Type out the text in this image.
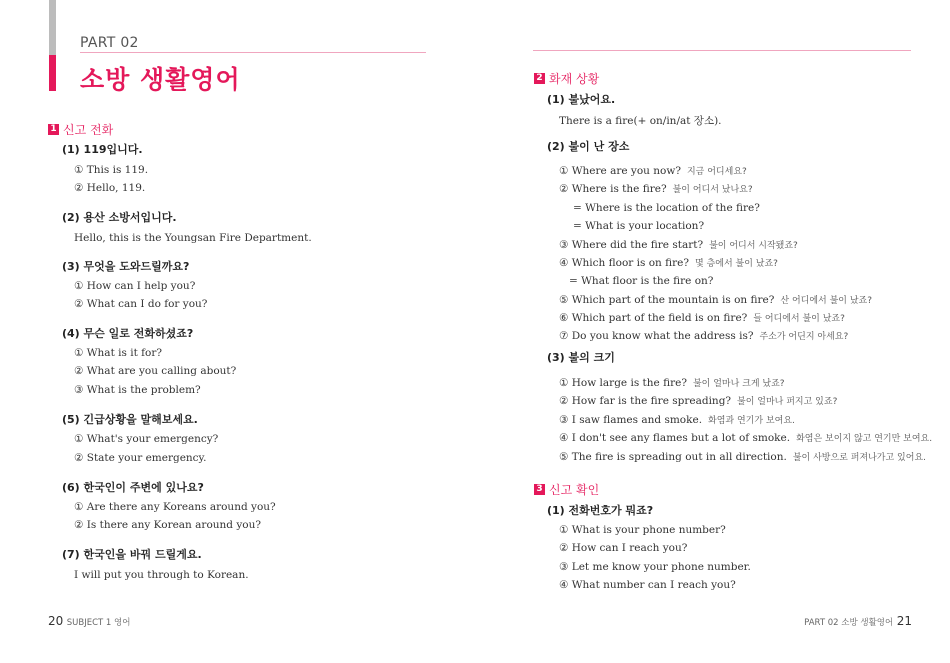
PART 02
소방 생활영어
1 신고 전화
(1) 119입니다.
① This is 119.
② Hello, 119.
(2) 용산 소방서입니다.
Hello, this is the Youngsan Fire Department.
(3) 무엇을 도와드릴까요?
① How can I help you?
② What can I do for you?
(4) 무슨 일로 전화하셨죠?
① What is it for?
② What are you calling about?
③ What is the problem?
(5) 긴급상황을 말해보세요.
① What's your emergency?
② State your emergency.
(6) 한국인이 주변에 있나요?
① Are there any Koreans around you?
② Is there any Korean around you?
(7) 한국인을 바꿔 드릴게요.
I will put you through to Korean.
20 SUBJECT 1 영어
2 화재 상황
(1) 불났어요.
There is a fire(+ on/in/at 장소).
(2) 불이 난 장소
① Where are you now? 지금 어디세요?
② Where is the fire? 불이 어디서 났나요?
= Where is the location of the fire?
= What is your location?
③ Where did the fire start? 불이 어디서 시작됐죠?
④ Which floor is on fire? 몇 층에서 불이 났죠?
= What floor is the fire on?
⑤ Which part of the mountain is on fire? 산 어디에서 불이 났죠?
⑥ Which part of the field is on fire? 들 어디에서 불이 났죠?
⑦ Do you know what the address is? 주소가 어딘지 아세요?
(3) 불의 크기
① How large is the fire? 불이 얼마나 크게 났죠?
② How far is the fire spreading? 불이 얼마나 퍼지고 있죠?
③ I saw flames and smoke. 화염과 연기가 보여요.
④ I don't see any flames but a lot of smoke. 화염은 보이지 않고 연기만 보여요.
⑤ The fire is spreading out in all direction. 불이 사방으로 퍼져나가고 있어요.
3 신고 확인
(1) 전화번호가 뭐죠?
① What is your phone number?
② How can I reach you?
③ Let me know your phone number.
④ What number can I reach you?
PART 02 소방 생활영어 21
